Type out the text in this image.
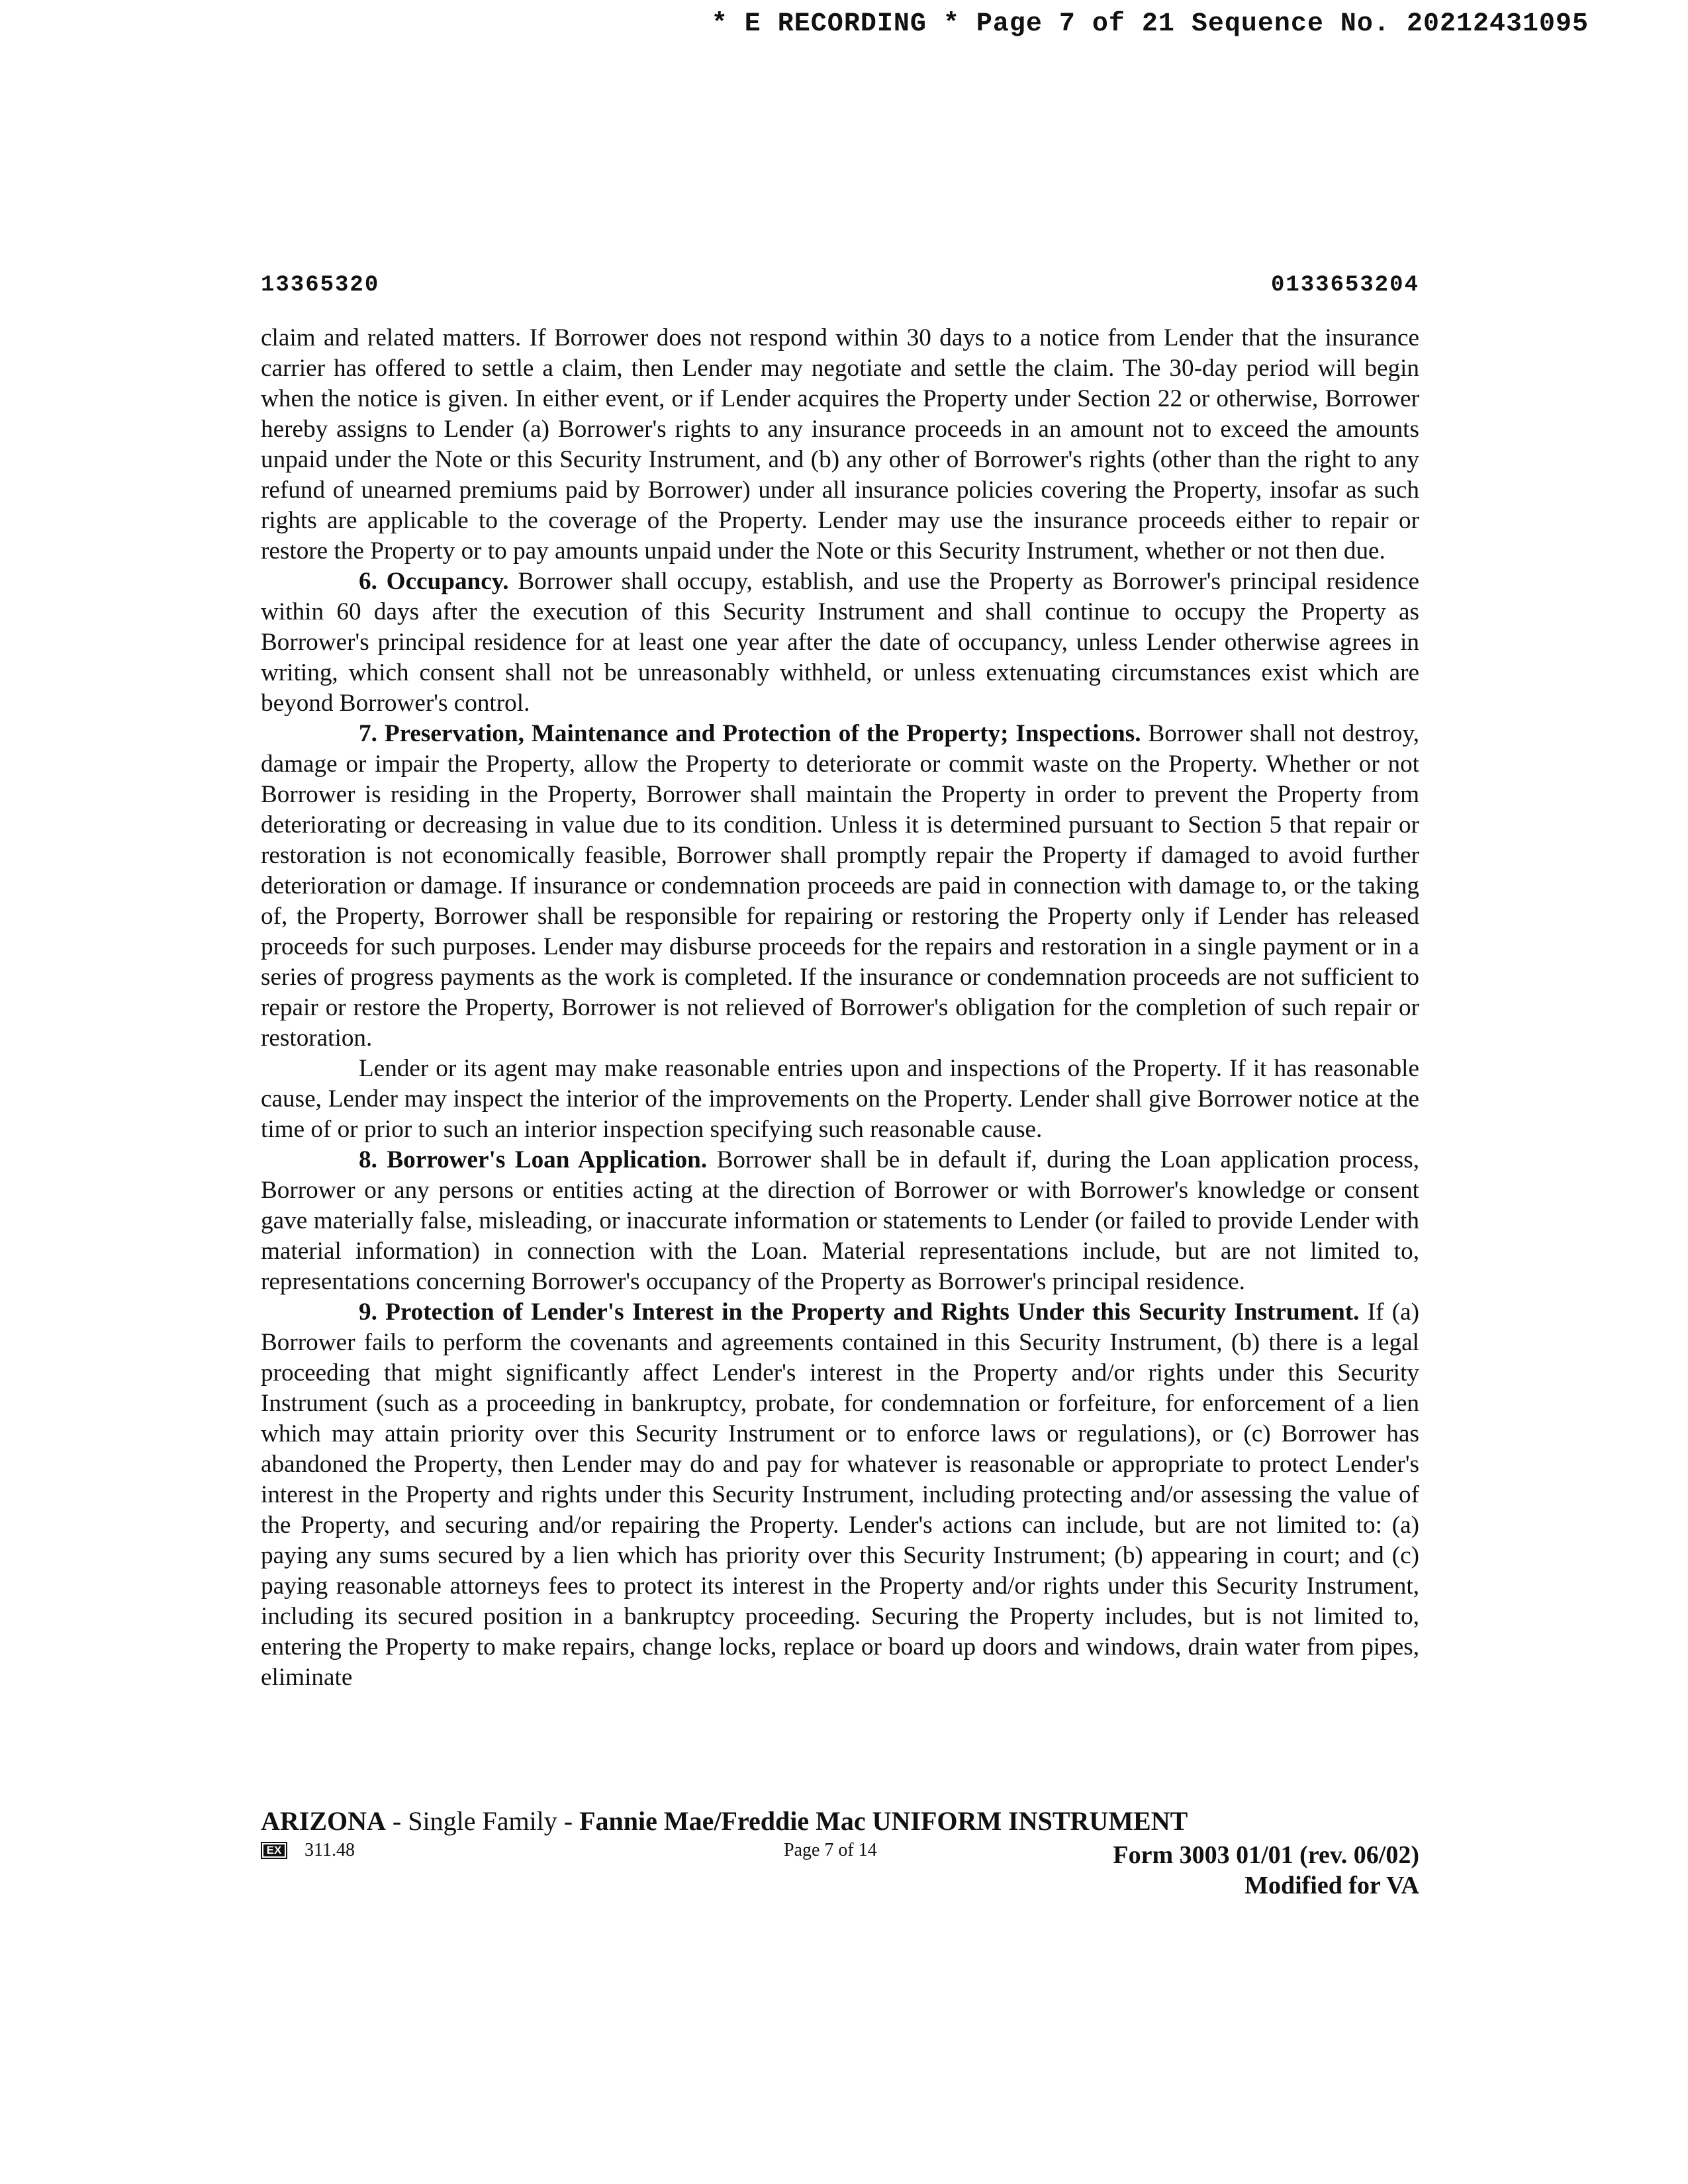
* E RECORDING * Page 7 of 21 Sequence No. 20212431095
13365320	0133653204

claim and related matters. If Borrower does not respond within 30 days to a notice from Lender that the insurance carrier has offered to settle a claim, then Lender may negotiate and settle the claim. The 30-day period will begin when the notice is given. In either event, or if Lender acquires the Property under Section 22 or otherwise, Borrower hereby assigns to Lender (a) Borrower's rights to any insurance proceeds in an amount not to exceed the amounts unpaid under the Note or this Security Instrument, and (b) any other of Borrower's rights (other than the right to any refund of unearned premiums paid by Borrower) under all insurance policies covering the Property, insofar as such rights are applicable to the coverage of the Property. Lender may use the insurance proceeds either to repair or restore the Property or to pay amounts unpaid under the Note or this Security Instrument, whether or not then due.

6. Occupancy. Borrower shall occupy, establish, and use the Property as Borrower's principal residence within 60 days after the execution of this Security Instrument and shall continue to occupy the Property as Borrower's principal residence for at least one year after the date of occupancy, unless Lender otherwise agrees in writing, which consent shall not be unreasonably withheld, or unless extenuating circumstances exist which are beyond Borrower's control.

7. Preservation, Maintenance and Protection of the Property; Inspections. Borrower shall not destroy, damage or impair the Property, allow the Property to deteriorate or commit waste on the Property. Whether or not Borrower is residing in the Property, Borrower shall maintain the Property in order to prevent the Property from deteriorating or decreasing in value due to its condition. Unless it is determined pursuant to Section 5 that repair or restoration is not economically feasible, Borrower shall promptly repair the Property if damaged to avoid further deterioration or damage. If insurance or condemnation proceeds are paid in connection with damage to, or the taking of, the Property, Borrower shall be responsible for repairing or restoring the Property only if Lender has released proceeds for such purposes. Lender may disburse proceeds for the repairs and restoration in a single payment or in a series of progress payments as the work is completed. If the insurance or condemnation proceeds are not sufficient to repair or restore the Property, Borrower is not relieved of Borrower's obligation for the completion of such repair or restoration.

Lender or its agent may make reasonable entries upon and inspections of the Property. If it has reasonable cause, Lender may inspect the interior of the improvements on the Property. Lender shall give Borrower notice at the time of or prior to such an interior inspection specifying such reasonable cause.

8. Borrower's Loan Application. Borrower shall be in default if, during the Loan application process, Borrower or any persons or entities acting at the direction of Borrower or with Borrower's knowledge or consent gave materially false, misleading, or inaccurate information or statements to Lender (or failed to provide Lender with material information) in connection with the Loan. Material representations include, but are not limited to, representations concerning Borrower's occupancy of the Property as Borrower's principal residence.

9. Protection of Lender's Interest in the Property and Rights Under this Security Instrument. If (a) Borrower fails to perform the covenants and agreements contained in this Security Instrument, (b) there is a legal proceeding that might significantly affect Lender's interest in the Property and/or rights under this Security Instrument (such as a proceeding in bankruptcy, probate, for condemnation or forfeiture, for enforcement of a lien which may attain priority over this Security Instrument or to enforce laws or regulations), or (c) Borrower has abandoned the Property, then Lender may do and pay for whatever is reasonable or appropriate to protect Lender's interest in the Property and rights under this Security Instrument, including protecting and/or assessing the value of the Property, and securing and/or repairing the Property. Lender's actions can include, but are not limited to: (a) paying any sums secured by a lien which has priority over this Security Instrument; (b) appearing in court; and (c) paying reasonable attorneys fees to protect its interest in the Property and/or rights under this Security Instrument, including its secured position in a bankruptcy proceeding. Securing the Property includes, but is not limited to, entering the Property to make repairs, change locks, replace or board up doors and windows, drain water from pipes, eliminate

ARIZONA - Single Family - Fannie Mae/Freddie Mac UNIFORM INSTRUMENT
EX	311.48	Page 7 of 14	Form 3003 01/01 (rev. 06/02)
Modified for VA
